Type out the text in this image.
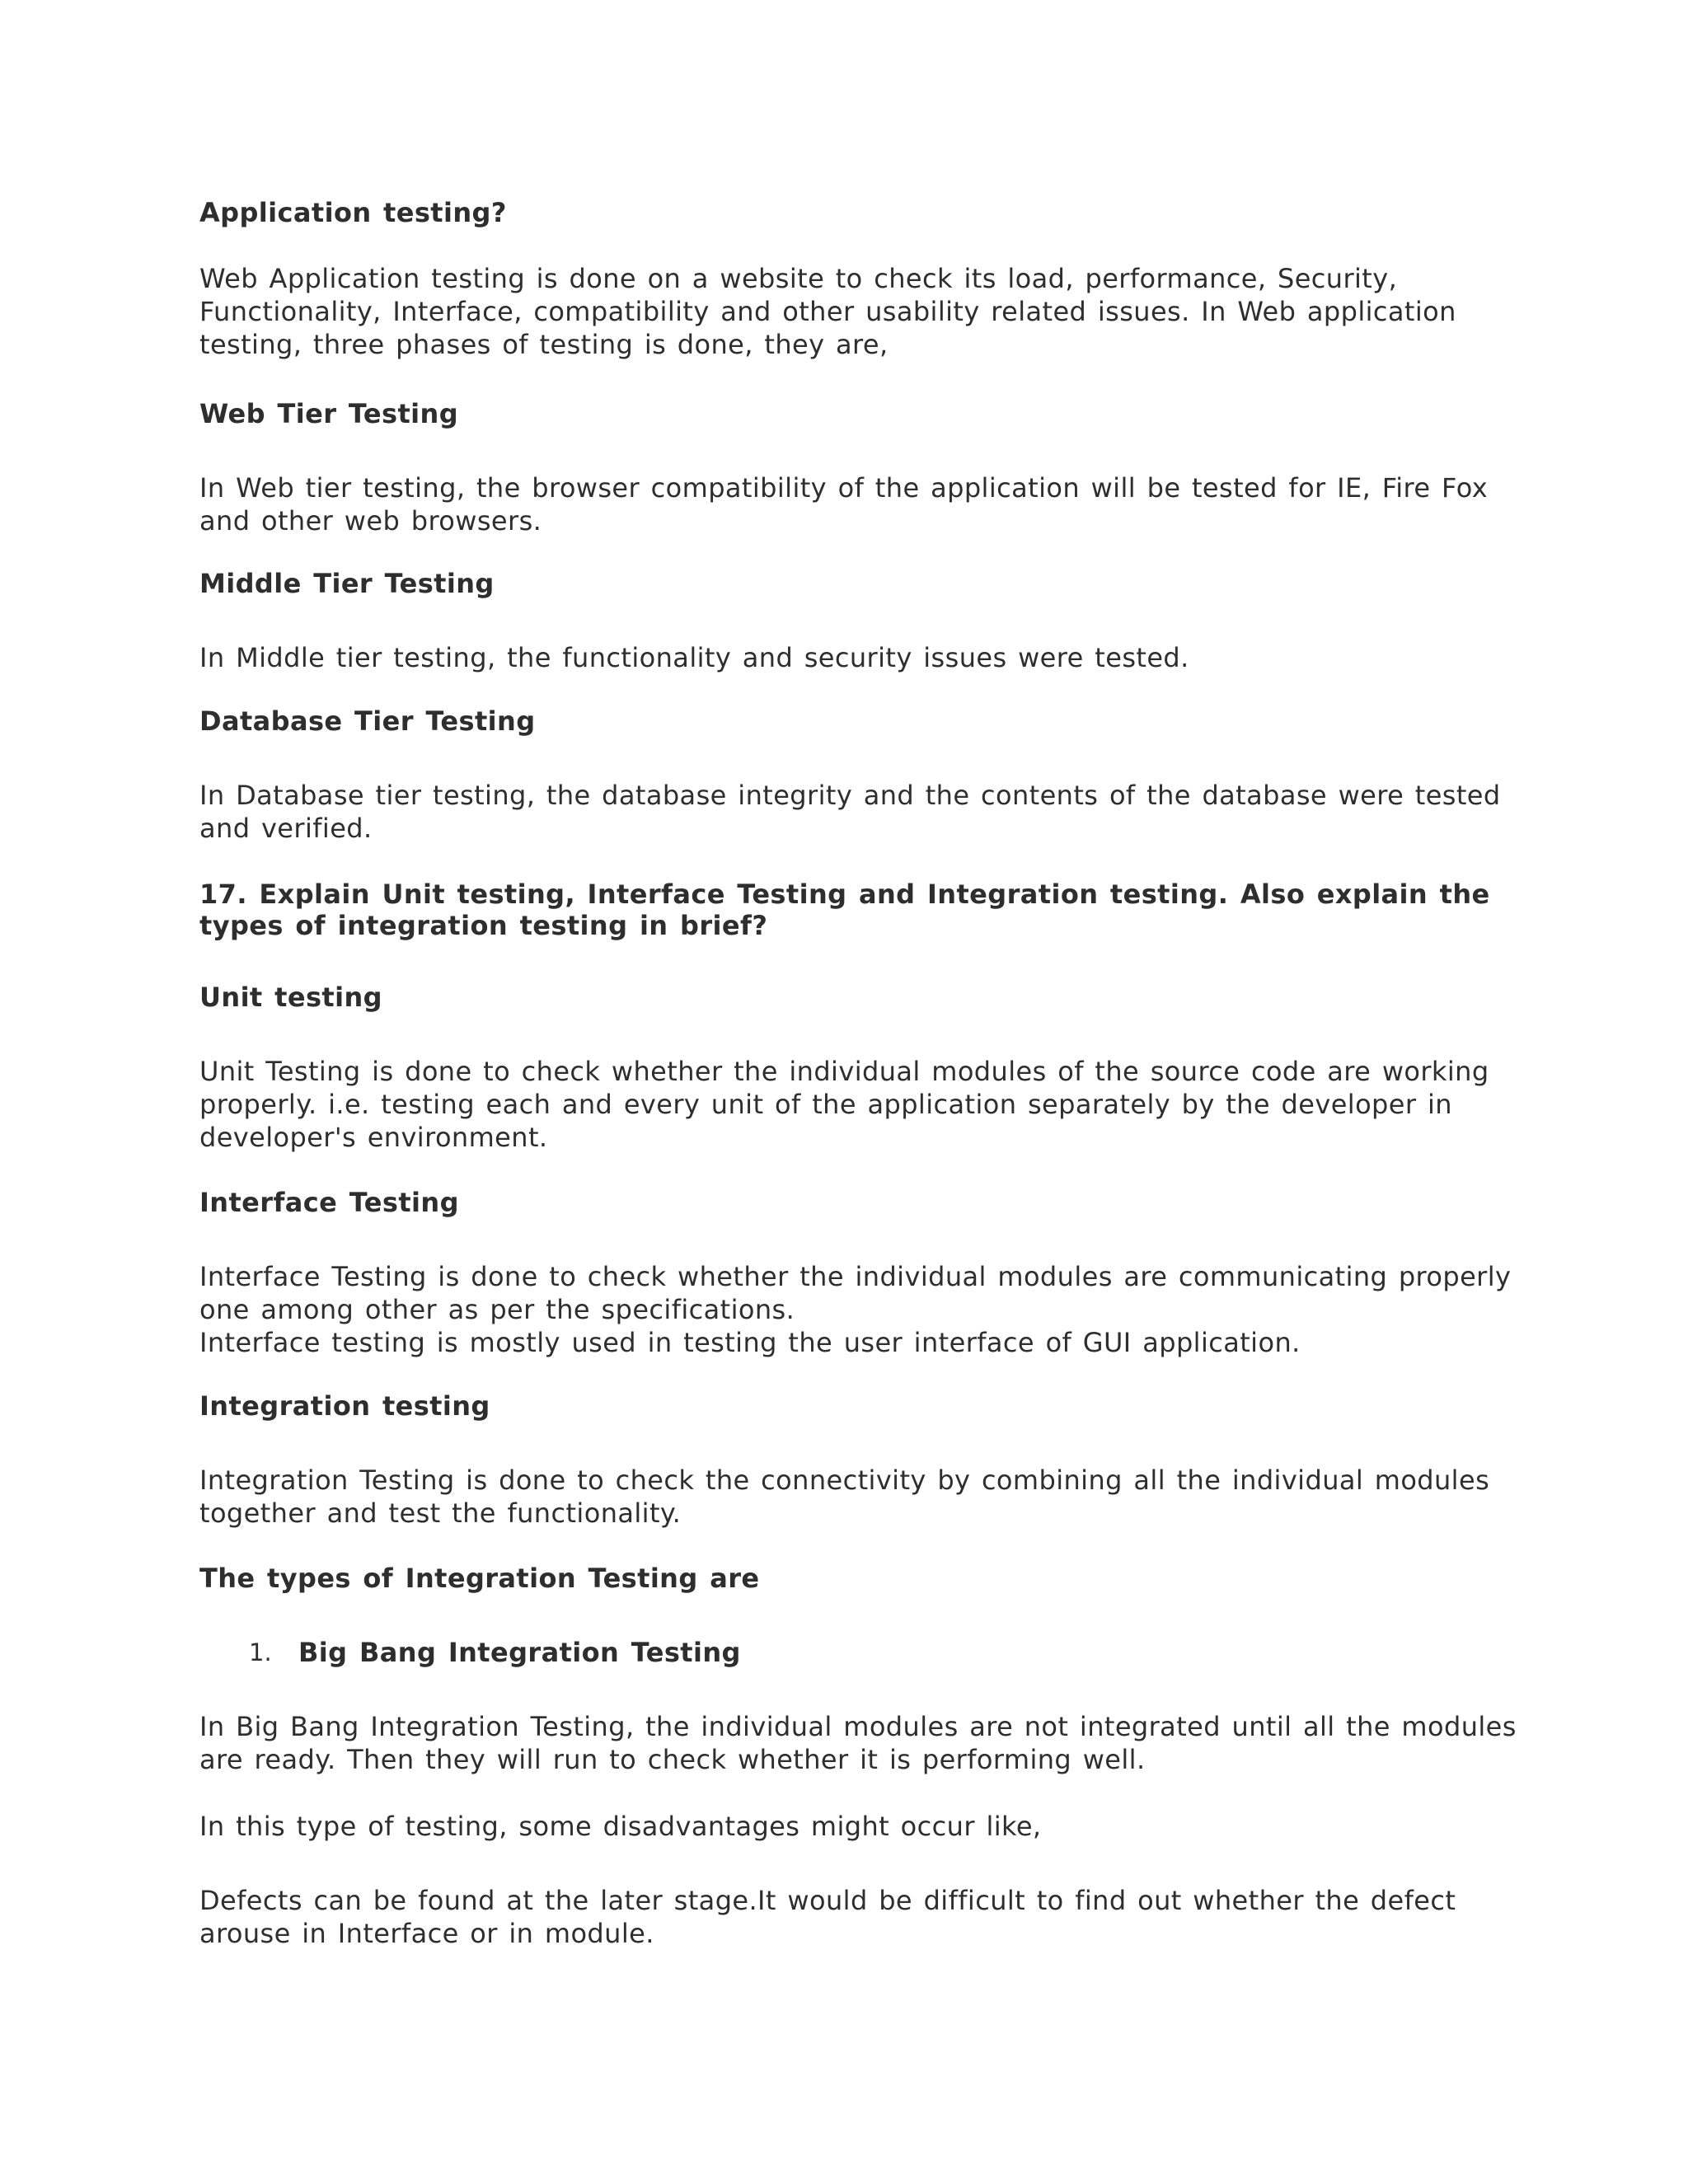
Application testing?

Web Application testing is done on a website to check its load, performance, Security, Functionality, Interface, compatibility and other usability related issues. In Web application testing, three phases of testing is done, they are,

Web Tier Testing

In Web tier testing, the browser compatibility of the application will be tested for IE, Fire Fox and other web browsers.

Middle Tier Testing

In Middle tier testing, the functionality and security issues were tested.

Database Tier Testing

In Database tier testing, the database integrity and the contents of the database were tested and verified.

17. Explain Unit testing, Interface Testing and Integration testing. Also explain the types of integration testing in brief?

Unit testing

Unit Testing is done to check whether the individual modules of the source code are working properly. i.e. testing each and every unit of the application separately by the developer in developer's environment.

Interface Testing

Interface Testing is done to check whether the individual modules are communicating properly one among other as per the specifications.

Interface testing is mostly used in testing the user interface of GUI application.

Integration testing

Integration Testing is done to check the connectivity by combining all the individual modules together and test the functionality.

The types of Integration Testing are

1. Big Bang Integration Testing

In Big Bang Integration Testing, the individual modules are not integrated until all the modules are ready. Then they will run to check whether it is performing well.

In this type of testing, some disadvantages might occur like,

Defects can be found at the later stage.It would be difficult to find out whether the defect arouse in Interface or in module.
